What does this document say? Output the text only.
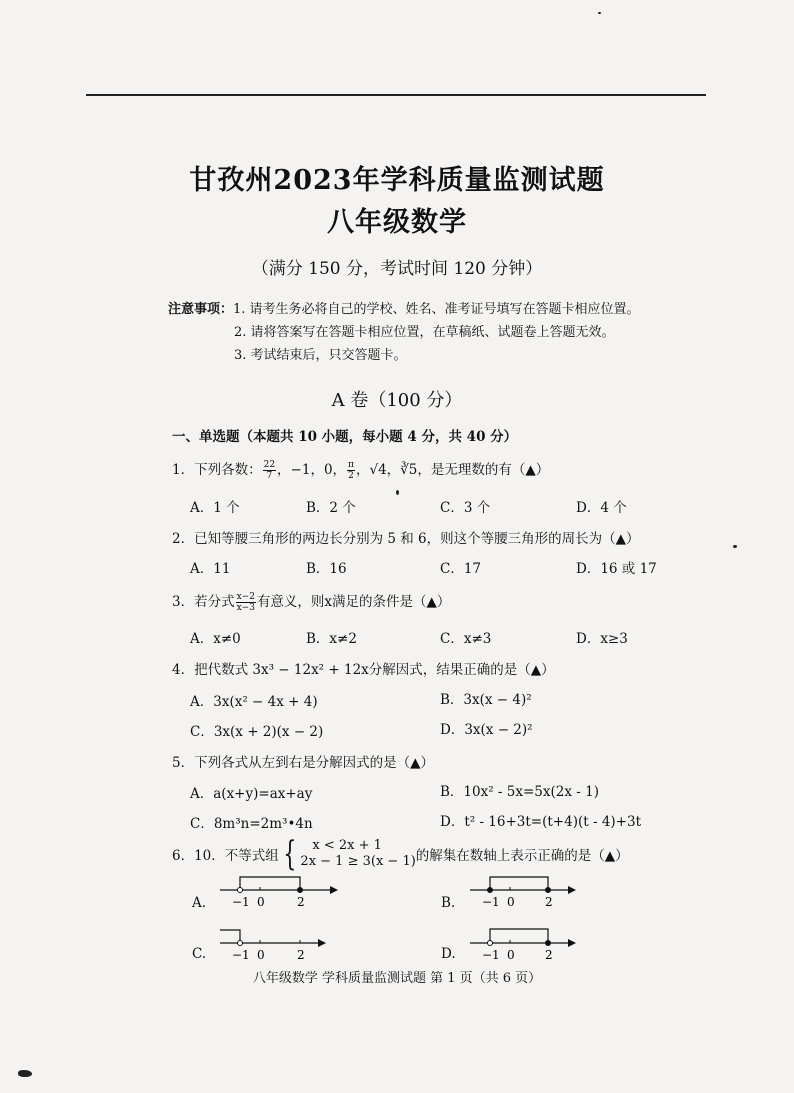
甘孜州2023年学科质量监测试题
八年级数学
（满分 150 分，考试时间 120 分钟）
注意事项：1. 请考生务必将自己的学校、姓名、准考证号填写在答题卡相应位置。
2. 请将答案写在答题卡相应位置，在草稿纸、试题卷上答题无效。
3. 考试结束后，只交答题卡。
A 卷（100 分）
一、单选题（本题共 10 小题，每小题 4 分，共 40 分）
1．下列各数： $\frac{22}{7}$ ，−1，0， $\frac{\pi}{2}$ ，√4，∛5，是无理数的有（▲）
A．1 个	B．2 个	C．3 个	D．4 个
2．已知等腰三角形的两边长分别为 5 和 6，则这个等腰三角形的周长为（▲）
A．11	B．16	C．17	D．16 或 17
3．若分式 $\frac{x-2}{x-3}$ 有意义，则x满足的条件是（▲）
A．x≠0	B．x≠2	C．x≠3	D．x≥3
4．把代数式 3x³ − 12x² + 12x分解因式，结果正确的是（▲）
A．3x(x² − 4x + 4)	B．3x(x − 4)²
C．3x(x + 2)(x − 2)	D．3x(x − 2)²
5．下列各式从左到右是分解因式的是（▲）
A．a(x+y)=ax+ay	B．10x² - 5x=5x(2x - 1)
C．8m³n=2m³•4n	D．t² - 16+3t=(t+4)(t - 4)+3t
6．10．不等式组 {	x < 2x + 1
2x − 1 ≥ 3(x − 1) 的解集在数轴上表示正确的是（▲）
A.	B.
C.	D.
−1 0	2	−1 0	2
−1 0	2	−1 0	2
八年级数学 学科质量监测试题 第 1 页（共 6 页）
